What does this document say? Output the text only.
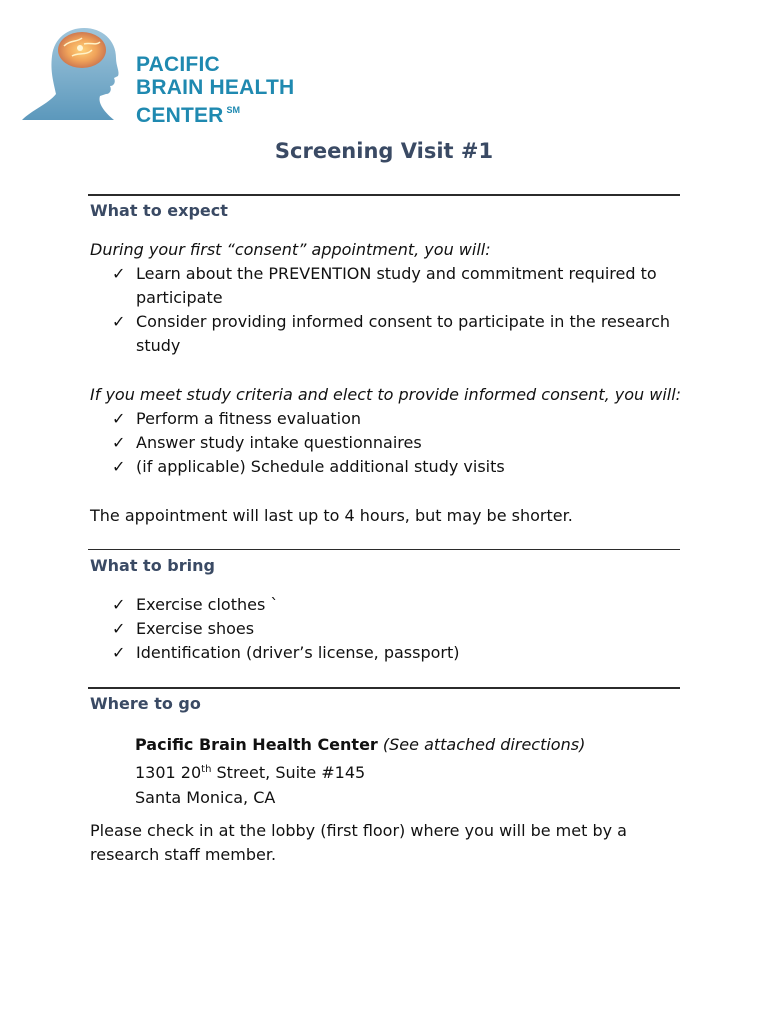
PACIFIC
BRAIN HEALTH
CENTER ℠
Screening Visit #1
What to expect
During your first “consent” appointment, you will:
✓ Learn about the PREVENTION study and commitment required to participate
✓ Consider providing informed consent to participate in the research study
If you meet study criteria and elect to provide informed consent, you will:
✓ Perform a fitness evaluation
✓ Answer study intake questionnaires
✓ (if applicable) Schedule additional study visits
The appointment will last up to 4 hours, but may be shorter.
What to bring
✓ Exercise clothes `
✓ Exercise shoes
✓ Identification (driver’s license, passport)
Where to go
Pacific Brain Health Center (See attached directions)
1301 20th Street, Suite #145
Santa Monica, CA
Please check in at the lobby (first floor) where you will be met by a research staff member.
